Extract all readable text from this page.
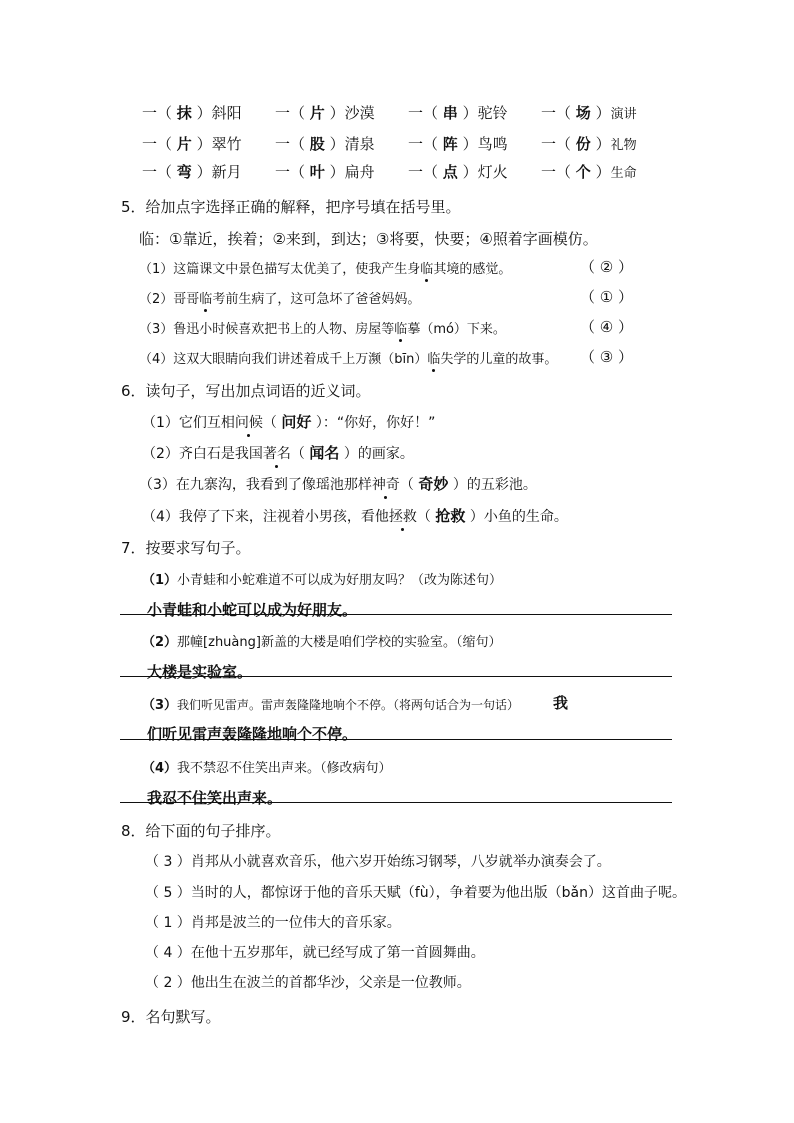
一（ 抹 ）斜阳 一（ 片 ）沙漠 一（ 串 ）驼铃 一（ 场 ）演讲
一（ 片 ）翠竹 一（ 股 ）清泉 一（ 阵 ）鸟鸣 一（ 份 ）礼物
一（ 弯 ）新月 一（ 叶 ）扁舟 一（ 点 ）灯火 一（ 个 ）生命
5．给加点字选择正确的解释，把序号填在括号里。
临：①靠近，挨着；②来到，到达；③将要，快要；④照着字画模仿。
（1）这篇课文中景色描写太优美了，使我产生身临其境的感觉。	（ ② ）
（2）哥哥临考前生病了，这可急坏了爸爸妈妈。	（ ① ）
（3）鲁迅小时候喜欢把书上的人物、房屋等临摹（mó）下来。	（ ④ ）
（4）这双大眼睛向我们讲述着成千上万濒（bīn）临失学的儿童的故事。 （ ③ ）
6．读句子，写出加点词语的近义词。
（1）它们互相问候（ 问好 ）：“你好，你好！”
（2）齐白石是我国著名（ 闻名 ）的画家。
（3）在九寨沟，我看到了像瑶池那样神奇（ 奇妙 ）的五彩池。
（4）我停了下来，注视着小男孩，看他拯救（ 抢救 ）小鱼的生命。
7．按要求写句子。
（1）小青蛙和小蛇难道不可以成为好朋友吗？（改为陈述句）
小青蛙和小蛇可以成为好朋友。
（2）那幢[zhuàng]新盖的大楼是咱们学校的实验室。（缩句）
大楼是实验室。
（3）我们听见雷声。雷声轰隆隆地响个不停。（将两句话合为一句话） 我
们听见雷声轰隆隆地响个不停。
（4）我不禁忍不住笑出声来。（修改病句）
我忍不住笑出声来。
8．给下面的句子排序。
（ 3 ）肖邦从小就喜欢音乐，他六岁开始练习钢琴，八岁就举办演奏会了。
（ 5 ）当时的人，都惊讶于他的音乐天赋（fù），争着要为他出版（bǎn）这首曲子呢。
（ 1 ）肖邦是波兰的一位伟大的音乐家。
（ 4 ）在他十五岁那年，就已经写成了第一首圆舞曲。
（ 2 ）他出生在波兰的首都华沙，父亲是一位教师。
9．名句默写。
